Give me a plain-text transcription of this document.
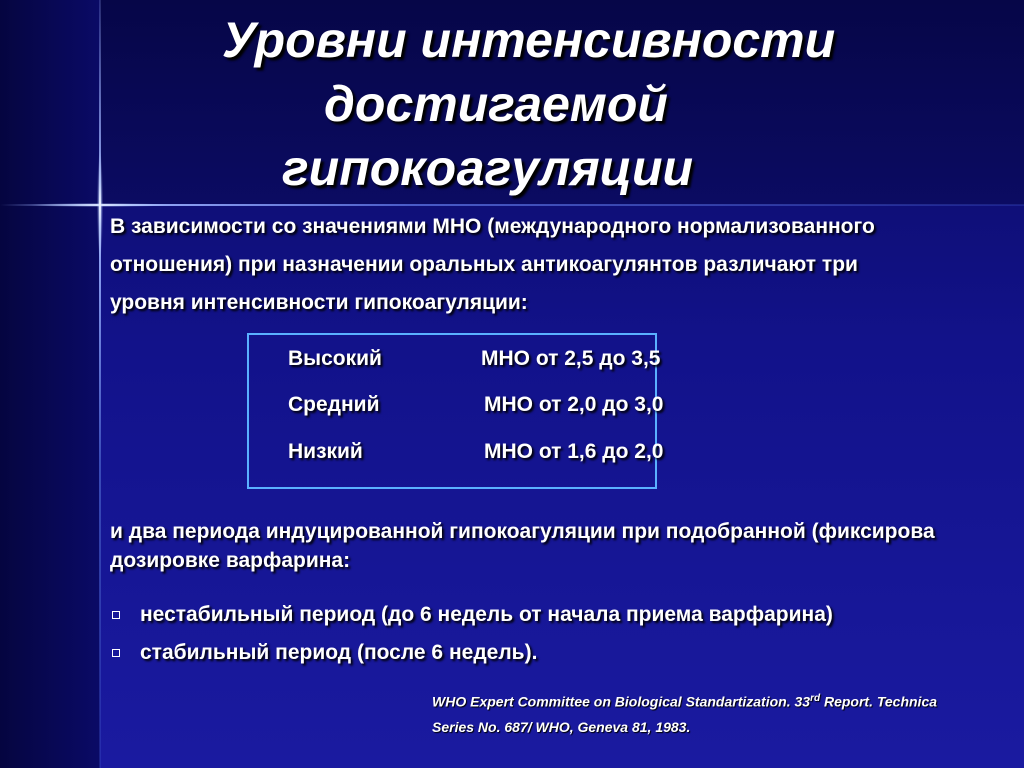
Уровни интенсивности
достигаемой
гипокоагуляции
В зависимости со значениями МНО (международного нормализованного
отношения) при назначении оральных антикоагулянтов различают три
уровня интенсивности гипокоагуляции:
Высокий	МНО от 2,5 до 3,5
Средний	МНО от 2,0 до 3,0
Низкий	МНО от 1,6 до 2,0
и два периода индуцированной гипокоагуляции при подобранной (фиксирова
дозировке варфарина:
нестабильный период (до 6 недель от начала приема варфарина)
стабильный период (после 6 недель).
WHO Expert Committee on Biological Standartization. 33rd Report. Technica
Series No. 687/ WHO, Geneva 81, 1983.
